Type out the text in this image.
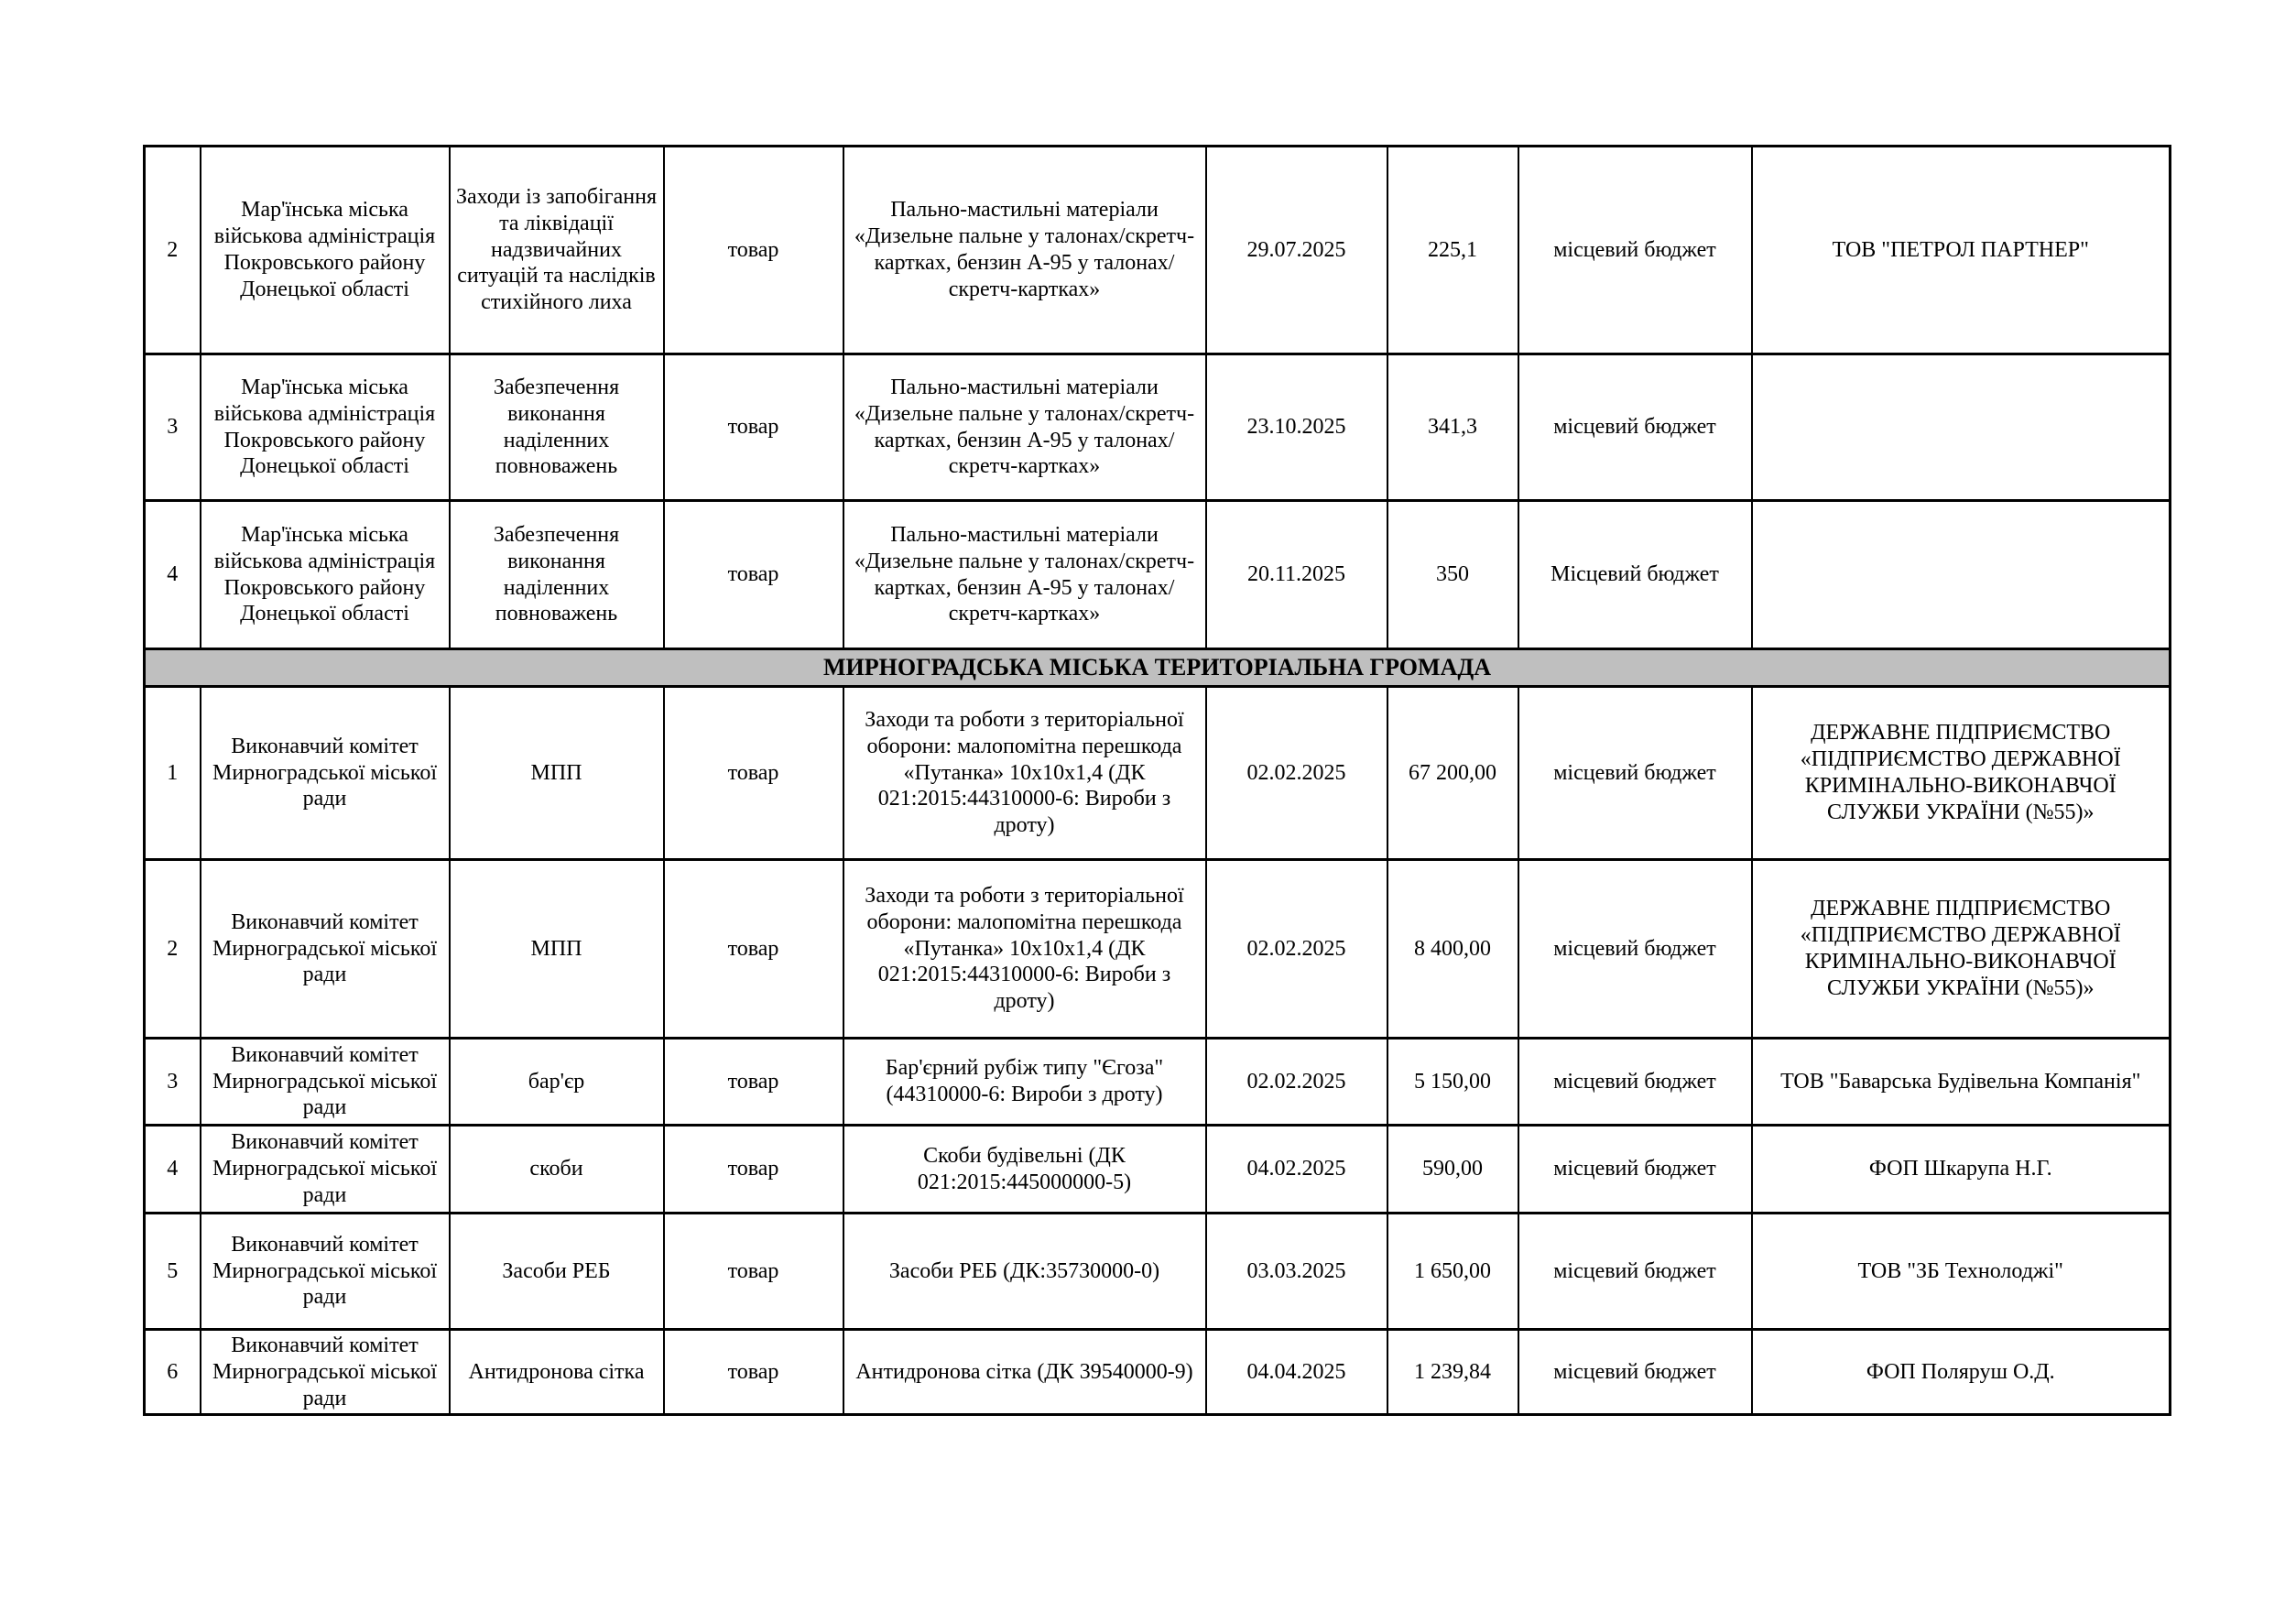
2	Мар'їнська міська військова адміністрація Покровського району Донецької області	Заходи із запобігання та ліквідації надзвичайних ситуацій та наслідків стихійного лиха	товар	Пально-мастильні матеріали «Дизельне пальне у талонах/скретч-картках, бензин А-95 у талонах/скретч-картках»	29.07.2025	225,1	місцевий бюджет	ТОВ "ПЕТРОЛ ПАРТНЕР"
3	Мар'їнська міська військова адміністрація Покровського району Донецької області	Забезпечення виконання наділенних повноважень	товар	Пально-мастильні матеріали «Дизельне пальне у талонах/скретч-картках, бензин А-95 у талонах/скретч-картках»	23.10.2025	341,3	місцевий бюджет	
4	Мар'їнська міська військова адміністрація Покровського району Донецької області	Забезпечення виконання наділенних повноважень	товар	Пально-мастильні матеріали «Дизельне пальне у талонах/скретч-картках, бензин А-95 у талонах/скретч-картках»	20.11.2025	350	Місцевий бюджет	
МИРНОГРАДСЬКА МІСЬКА ТЕРИТОРІАЛЬНА ГРОМАДА								
1	Виконавчий комітет Мирноградської міської ради	МПП	товар	Заходи та роботи з територіальної оборони: малопомітна перешкода «Путанка» 10х10х1,4 (ДК 021:2015:44310000-6: Вироби з дроту)	02.02.2025	67 200,00	місцевий бюджет	ДЕРЖАВНЕ ПІДПРИЄМСТВО «ПІДПРИЄМСТВО ДЕРЖАВНОЇ КРИМІНАЛЬНО-ВИКОНАВЧОЇ СЛУЖБИ УКРАЇНИ (№55)»
2	Виконавчий комітет Мирноградської міської ради	МПП	товар	Заходи та роботи з територіальної оборони: малопомітна перешкода «Путанка» 10х10х1,4 (ДК 021:2015:44310000-6: Вироби з дроту)	02.02.2025	8 400,00	місцевий бюджет	ДЕРЖАВНЕ ПІДПРИЄМСТВО «ПІДПРИЄМСТВО ДЕРЖАВНОЇ КРИМІНАЛЬНО-ВИКОНАВЧОЇ СЛУЖБИ УКРАЇНИ (№55)»
3	Виконавчий комітет Мирноградської міської ради	бар'єр	товар	Бар'єрний рубіж типу "Єгоза" (44310000-6: Вироби з дроту)	02.02.2025	5 150,00	місцевий бюджет	ТОВ "Баварська Будівельна Компанія"
4	Виконавчий комітет Мирноградської міської ради	скоби	товар	Скоби будівельні (ДК 021:2015:445000000-5)	04.02.2025	590,00	місцевий бюджет	ФОП Шкарупа Н.Г.
5	Виконавчий комітет Мирноградської міської ради	Засоби РЕБ	товар	Засоби РЕБ (ДК:35730000-0)	03.03.2025	1 650,00	місцевий бюджет	ТОВ "ЗБ Технолоджі"
6	Виконавчий комітет Мирноградської міської ради	Антидронова сітка	товар	Антидронова сітка (ДК 39540000-9)	04.04.2025	1 239,84	місцевий бюджет	ФОП Поляруш О.Д.
